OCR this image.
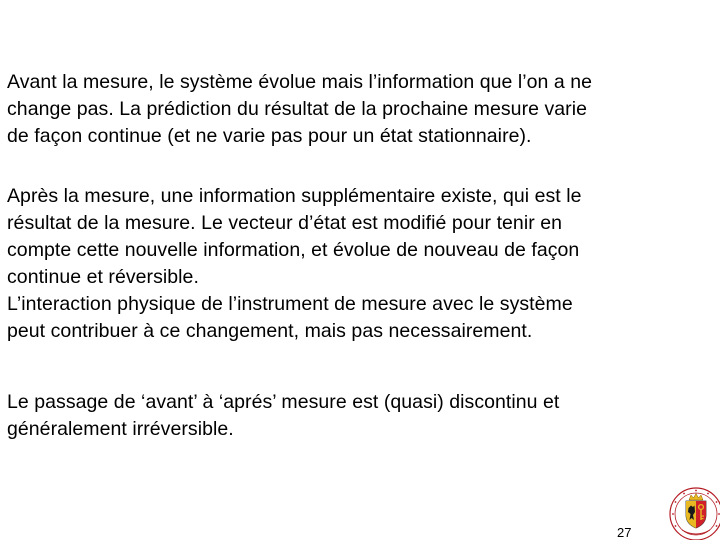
Avant la mesure, le système évolue mais l’information que l’on a ne
change pas. La prédiction du résultat de la prochaine mesure varie
de façon continue (et ne varie pas pour un état stationnaire).
Après la mesure, une information supplémentaire existe, qui est le
résultat de la mesure. Le vecteur d’état est modifié pour tenir en
compte cette nouvelle information, et évolue de nouveau de façon
continue et réversible.
L’interaction physique de l’instrument de mesure avec le système
peut contribuer à ce changement, mais pas necessairement.
Le passage de ‘avant’ à ‘aprés’ mesure est (quasi) discontinu et
généralement irréversible.
27
